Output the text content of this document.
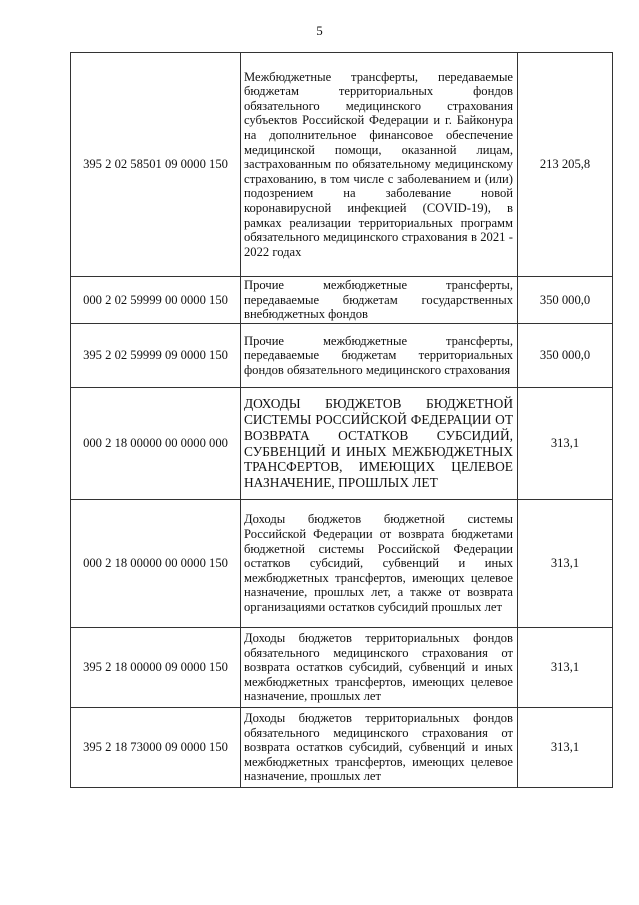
5
395 2 02 58501 09 0000 150	Межбюджетные трансферты, передаваемые бюджетам территориальных фондов обязательного медицинского страхования субъектов Российской Федерации и г. Байконура на дополнительное финансовое обеспечение медицинской помощи, оказанной лицам, застрахованным по обязательному медицинскому страхованию, в том числе с заболеванием и (или) подозрением на заболевание новой коронавирусной инфекцией (COVID-19), в рамках реализации территориальных программ обязательного медицинского страхования в 2021 - 2022 годах	213 205,8
000 2 02 59999 00 0000 150	Прочие межбюджетные трансферты, передаваемые бюджетам государственных внебюджетных фондов	350 000,0
395 2 02 59999 09 0000 150	Прочие межбюджетные трансферты, передаваемые бюджетам территориальных фондов обязательного медицинского страхования	350 000,0
000 2 18 00000 00 0000 000	ДОХОДЫ БЮДЖЕТОВ БЮДЖЕТНОЙ СИСТЕМЫ РОССИЙСКОЙ ФЕДЕРАЦИИ ОТ ВОЗВРАТА ОСТАТКОВ СУБСИДИЙ, СУБВЕНЦИЙ И ИНЫХ МЕЖБЮДЖЕТНЫХ ТРАНСФЕРТОВ, ИМЕЮЩИХ ЦЕЛЕВОЕ НАЗНАЧЕНИЕ, ПРОШЛЫХ ЛЕТ	313,1
000 2 18 00000 00 0000 150	Доходы бюджетов бюджетной системы Российской Федерации от возврата бюджетами бюджетной системы Российской Федерации остатков субсидий, субвенций и иных межбюджетных трансфертов, имеющих целевое назначение, прошлых лет, а также от возврата организациями остатков субсидий прошлых лет	313,1
395 2 18 00000 09 0000 150	Доходы бюджетов территориальных фондов обязательного медицинского страхования от возврата остатков субсидий, субвенций и иных межбюджетных трансфертов, имеющих целевое назначение, прошлых лет	313,1
395 2 18 73000 09 0000 150	Доходы бюджетов территориальных фондов обязательного медицинского страхования от возврата остатков субсидий, субвенций и иных межбюджетных трансфертов, имеющих целевое назначение, прошлых лет	313,1
